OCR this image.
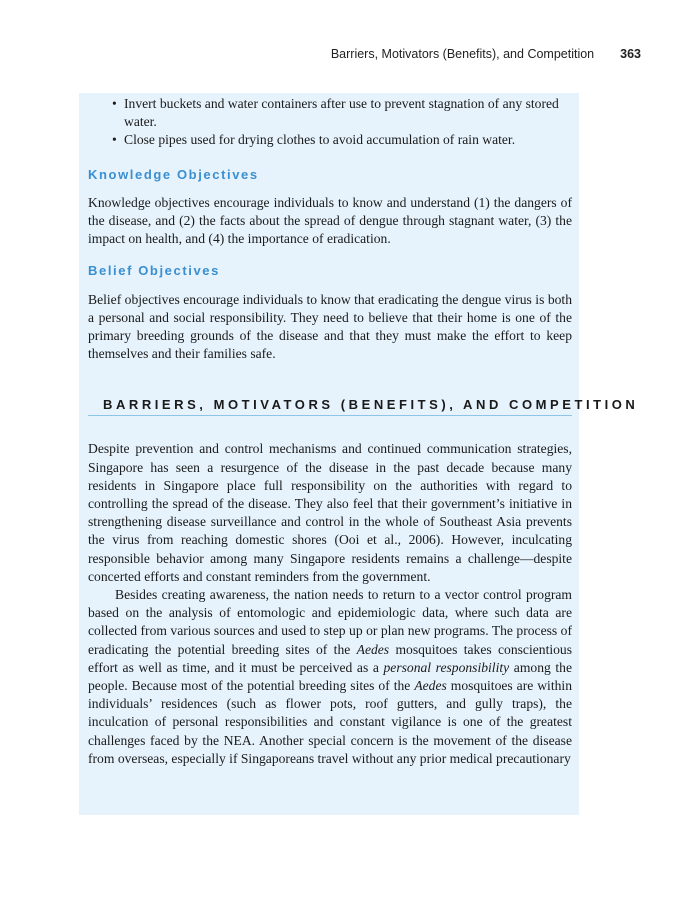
Barriers, Motivators (Benefits), and Competition 363
• Invert buckets and water containers after use to prevent stagnation of any stored water.
• Close pipes used for drying clothes to avoid accumulation of rain water.
Knowledge Objectives

Knowledge objectives encourage individuals to know and understand (1) the dangers of the disease, and (2) the facts about the spread of dengue through stagnant water, (3) the impact on health, and (4) the importance of eradication.

Belief Objectives

Belief objectives encourage individuals to know that eradicating the dengue virus is both a personal and social responsibility. They need to believe that their home is one of the primary breeding grounds of the disease and that they must make the effort to keep themselves and their families safe.

BARRIERS, MOTIVATORS (BENEFITS), AND COMPETITION

Despite prevention and control mechanisms and continued communication strategies, Singapore has seen a resurgence of the disease in the past decade because many residents in Singapore place full responsibility on the authorities with regard to controlling the spread of the disease. They also feel that their government’s initiative in strengthening disease surveillance and control in the whole of Southeast Asia prevents the virus from reaching domestic shores (Ooi et al., 2006). However, inculcating responsible behavior among many Singapore residents remains a challenge—despite concerted efforts and constant reminders from the government.

Besides creating awareness, the nation needs to return to a vector control program based on the analysis of entomologic and epidemiologic data, where such data are collected from various sources and used to step up or plan new programs. The process of eradicating the potential breeding sites of the Aedes mosquitoes takes conscientious effort as well as time, and it must be perceived as a personal responsibility among the people. Because most of the potential breeding sites of the Aedes mosquitoes are within individuals’ residences (such as flower pots, roof gutters, and gully traps), the inculcation of personal responsibilities and constant vigilance is one of the greatest challenges faced by the NEA. Another special concern is the movement of the disease from overseas, especially if Singaporeans travel without any prior medical precautionary
